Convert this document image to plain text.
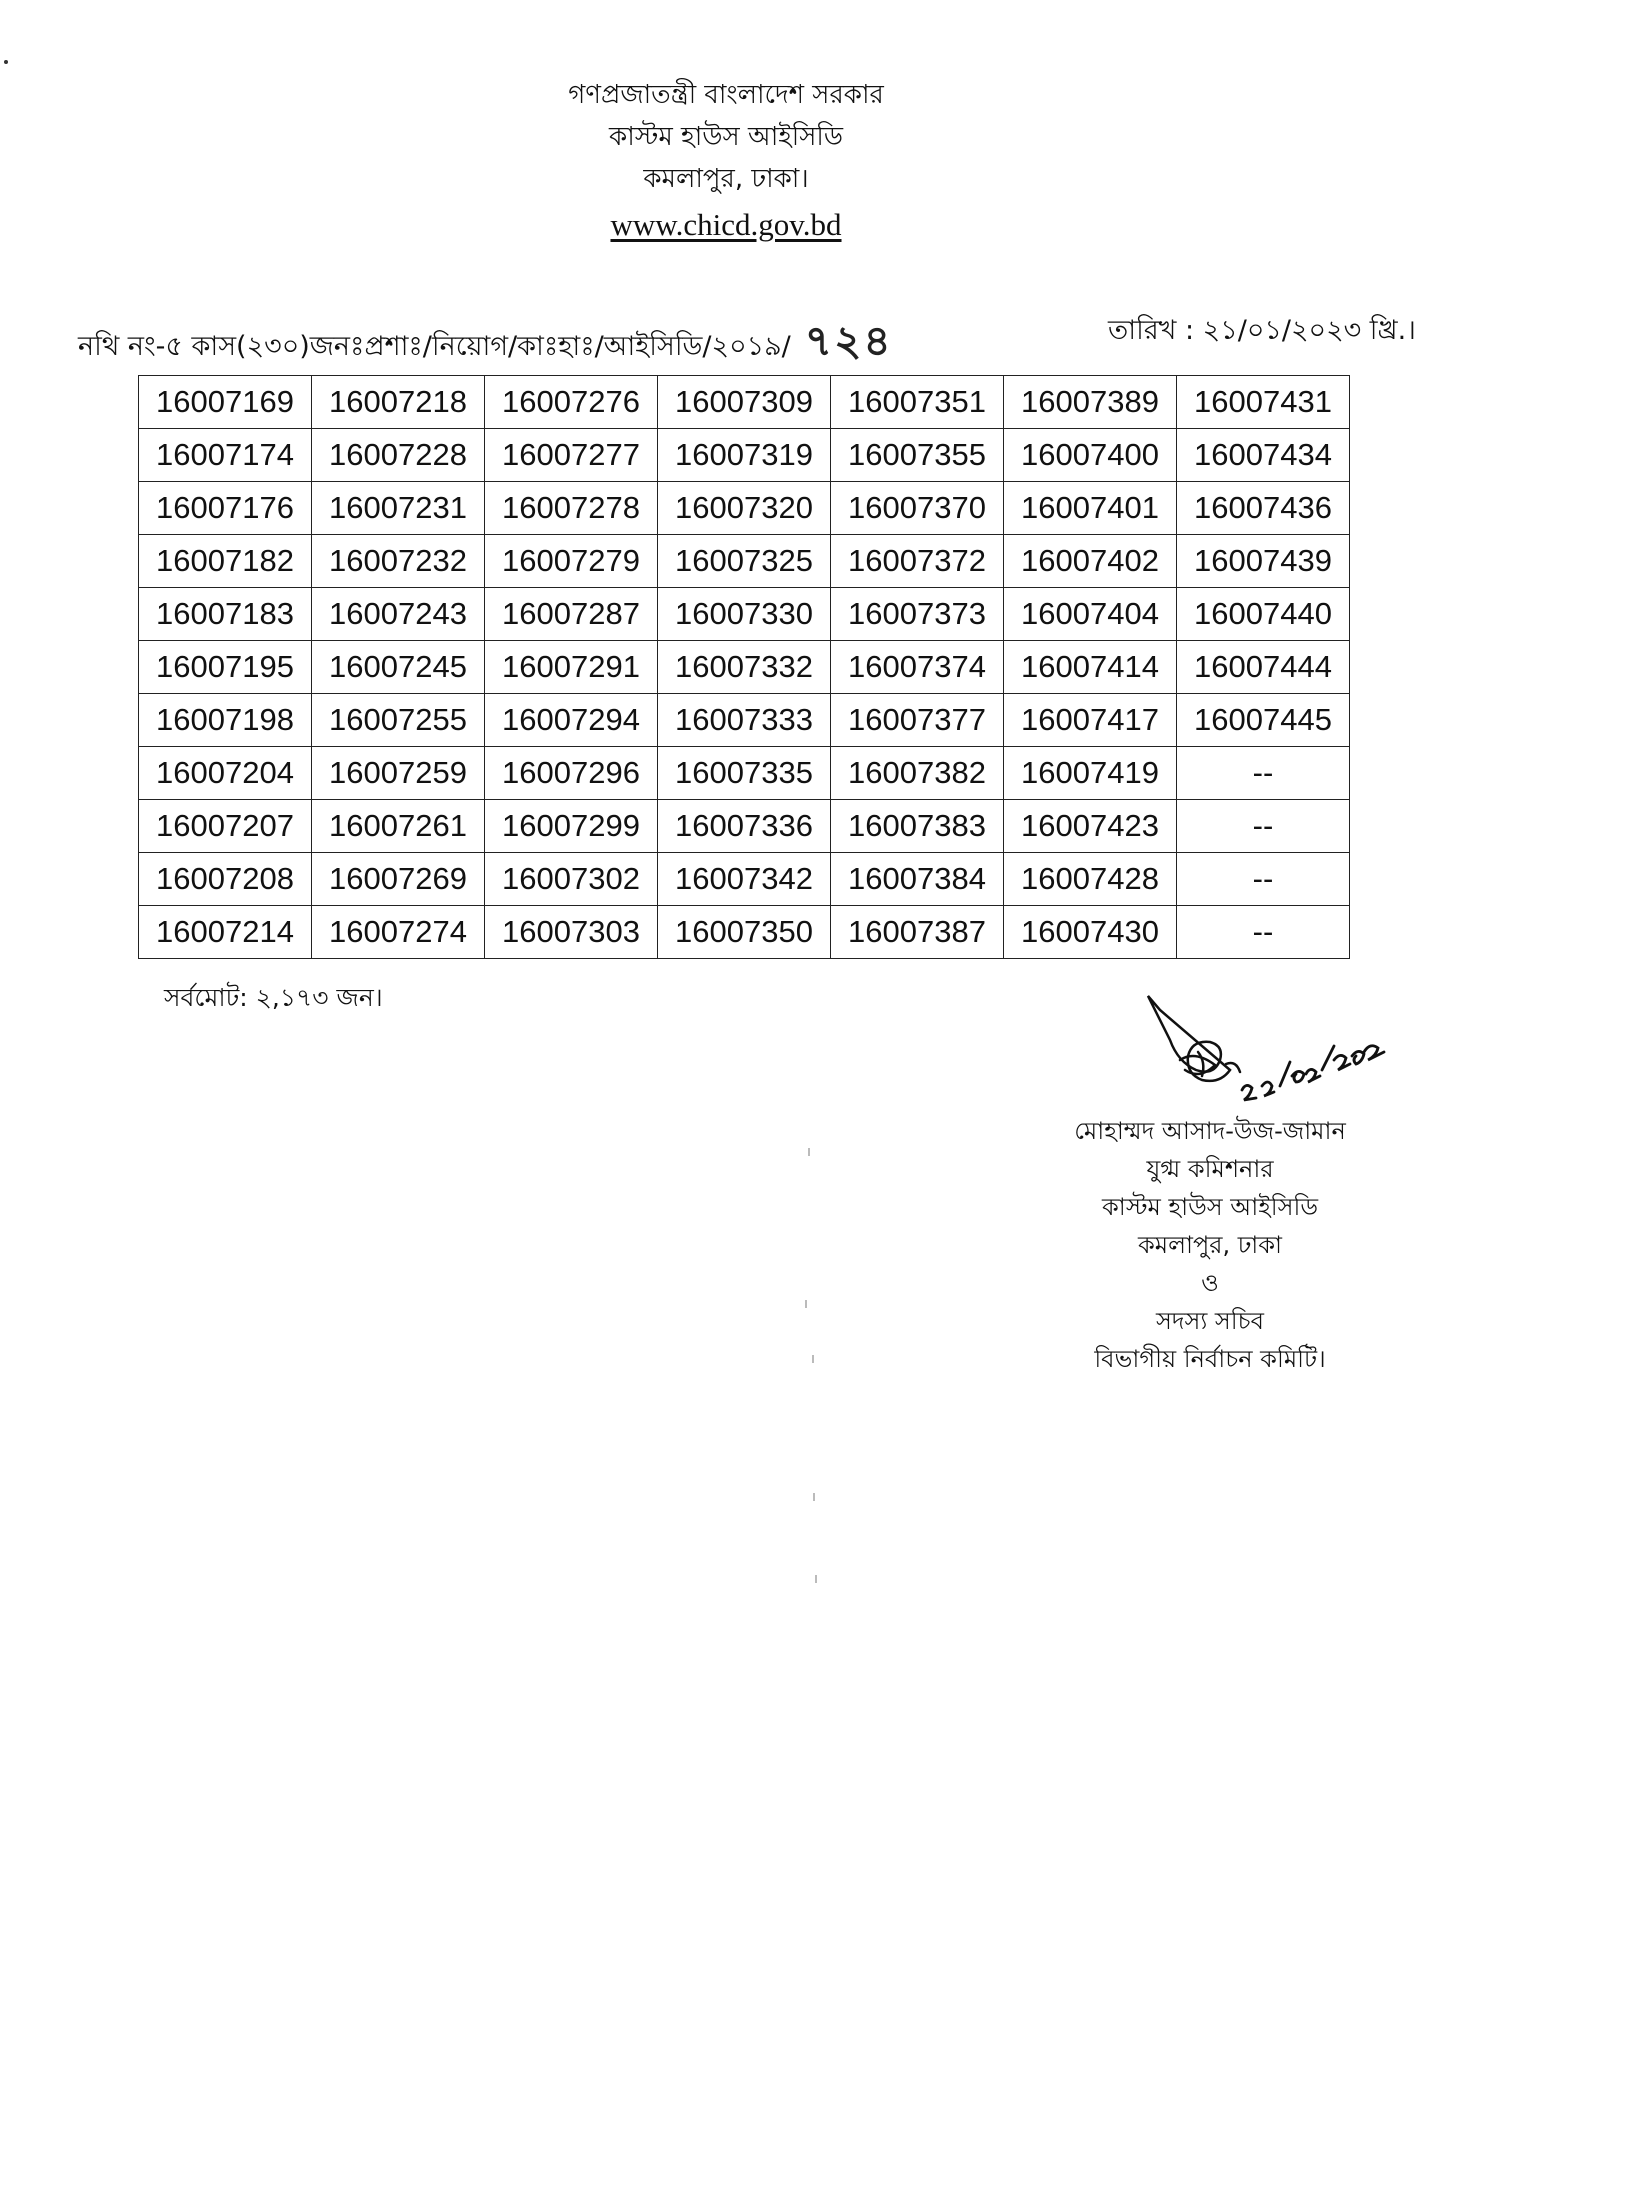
গণপ্রজাতন্ত্রী বাংলাদেশ সরকার
কাস্টম হাউস আইসিডি
কমলাপুর, ঢাকা।
www.chicd.gov.bd
নথি নং-৫ কাস(২৩০)জনঃপ্রশাঃ/নিয়োগ/কাঃহাঃ/আইসিডি/২০১৯/ ৭২৪	তারিখ : ২১/০১/২০২৩ খ্রি.।
16007169	16007218	16007276	16007309	16007351	16007389	16007431
16007174	16007228	16007277	16007319	16007355	16007400	16007434
16007176	16007231	16007278	16007320	16007370	16007401	16007436
16007182	16007232	16007279	16007325	16007372	16007402	16007439
16007183	16007243	16007287	16007330	16007373	16007404	16007440
16007195	16007245	16007291	16007332	16007374	16007414	16007444
16007198	16007255	16007294	16007333	16007377	16007417	16007445
16007204	16007259	16007296	16007335	16007382	16007419	--
16007207	16007261	16007299	16007336	16007383	16007423	--
16007208	16007269	16007302	16007342	16007384	16007428	--
16007214	16007274	16007303	16007350	16007387	16007430	--
সর্বমোট: ২,১৭৩ জন।
মোহাম্মদ আসাদ-উজ-জামান
যুগ্ম কমিশনার
কাস্টম হাউস আইসিডি
কমলাপুর, ঢাকা
ও
সদস্য সচিব
বিভাগীয় নির্বাচন কমিটি।
